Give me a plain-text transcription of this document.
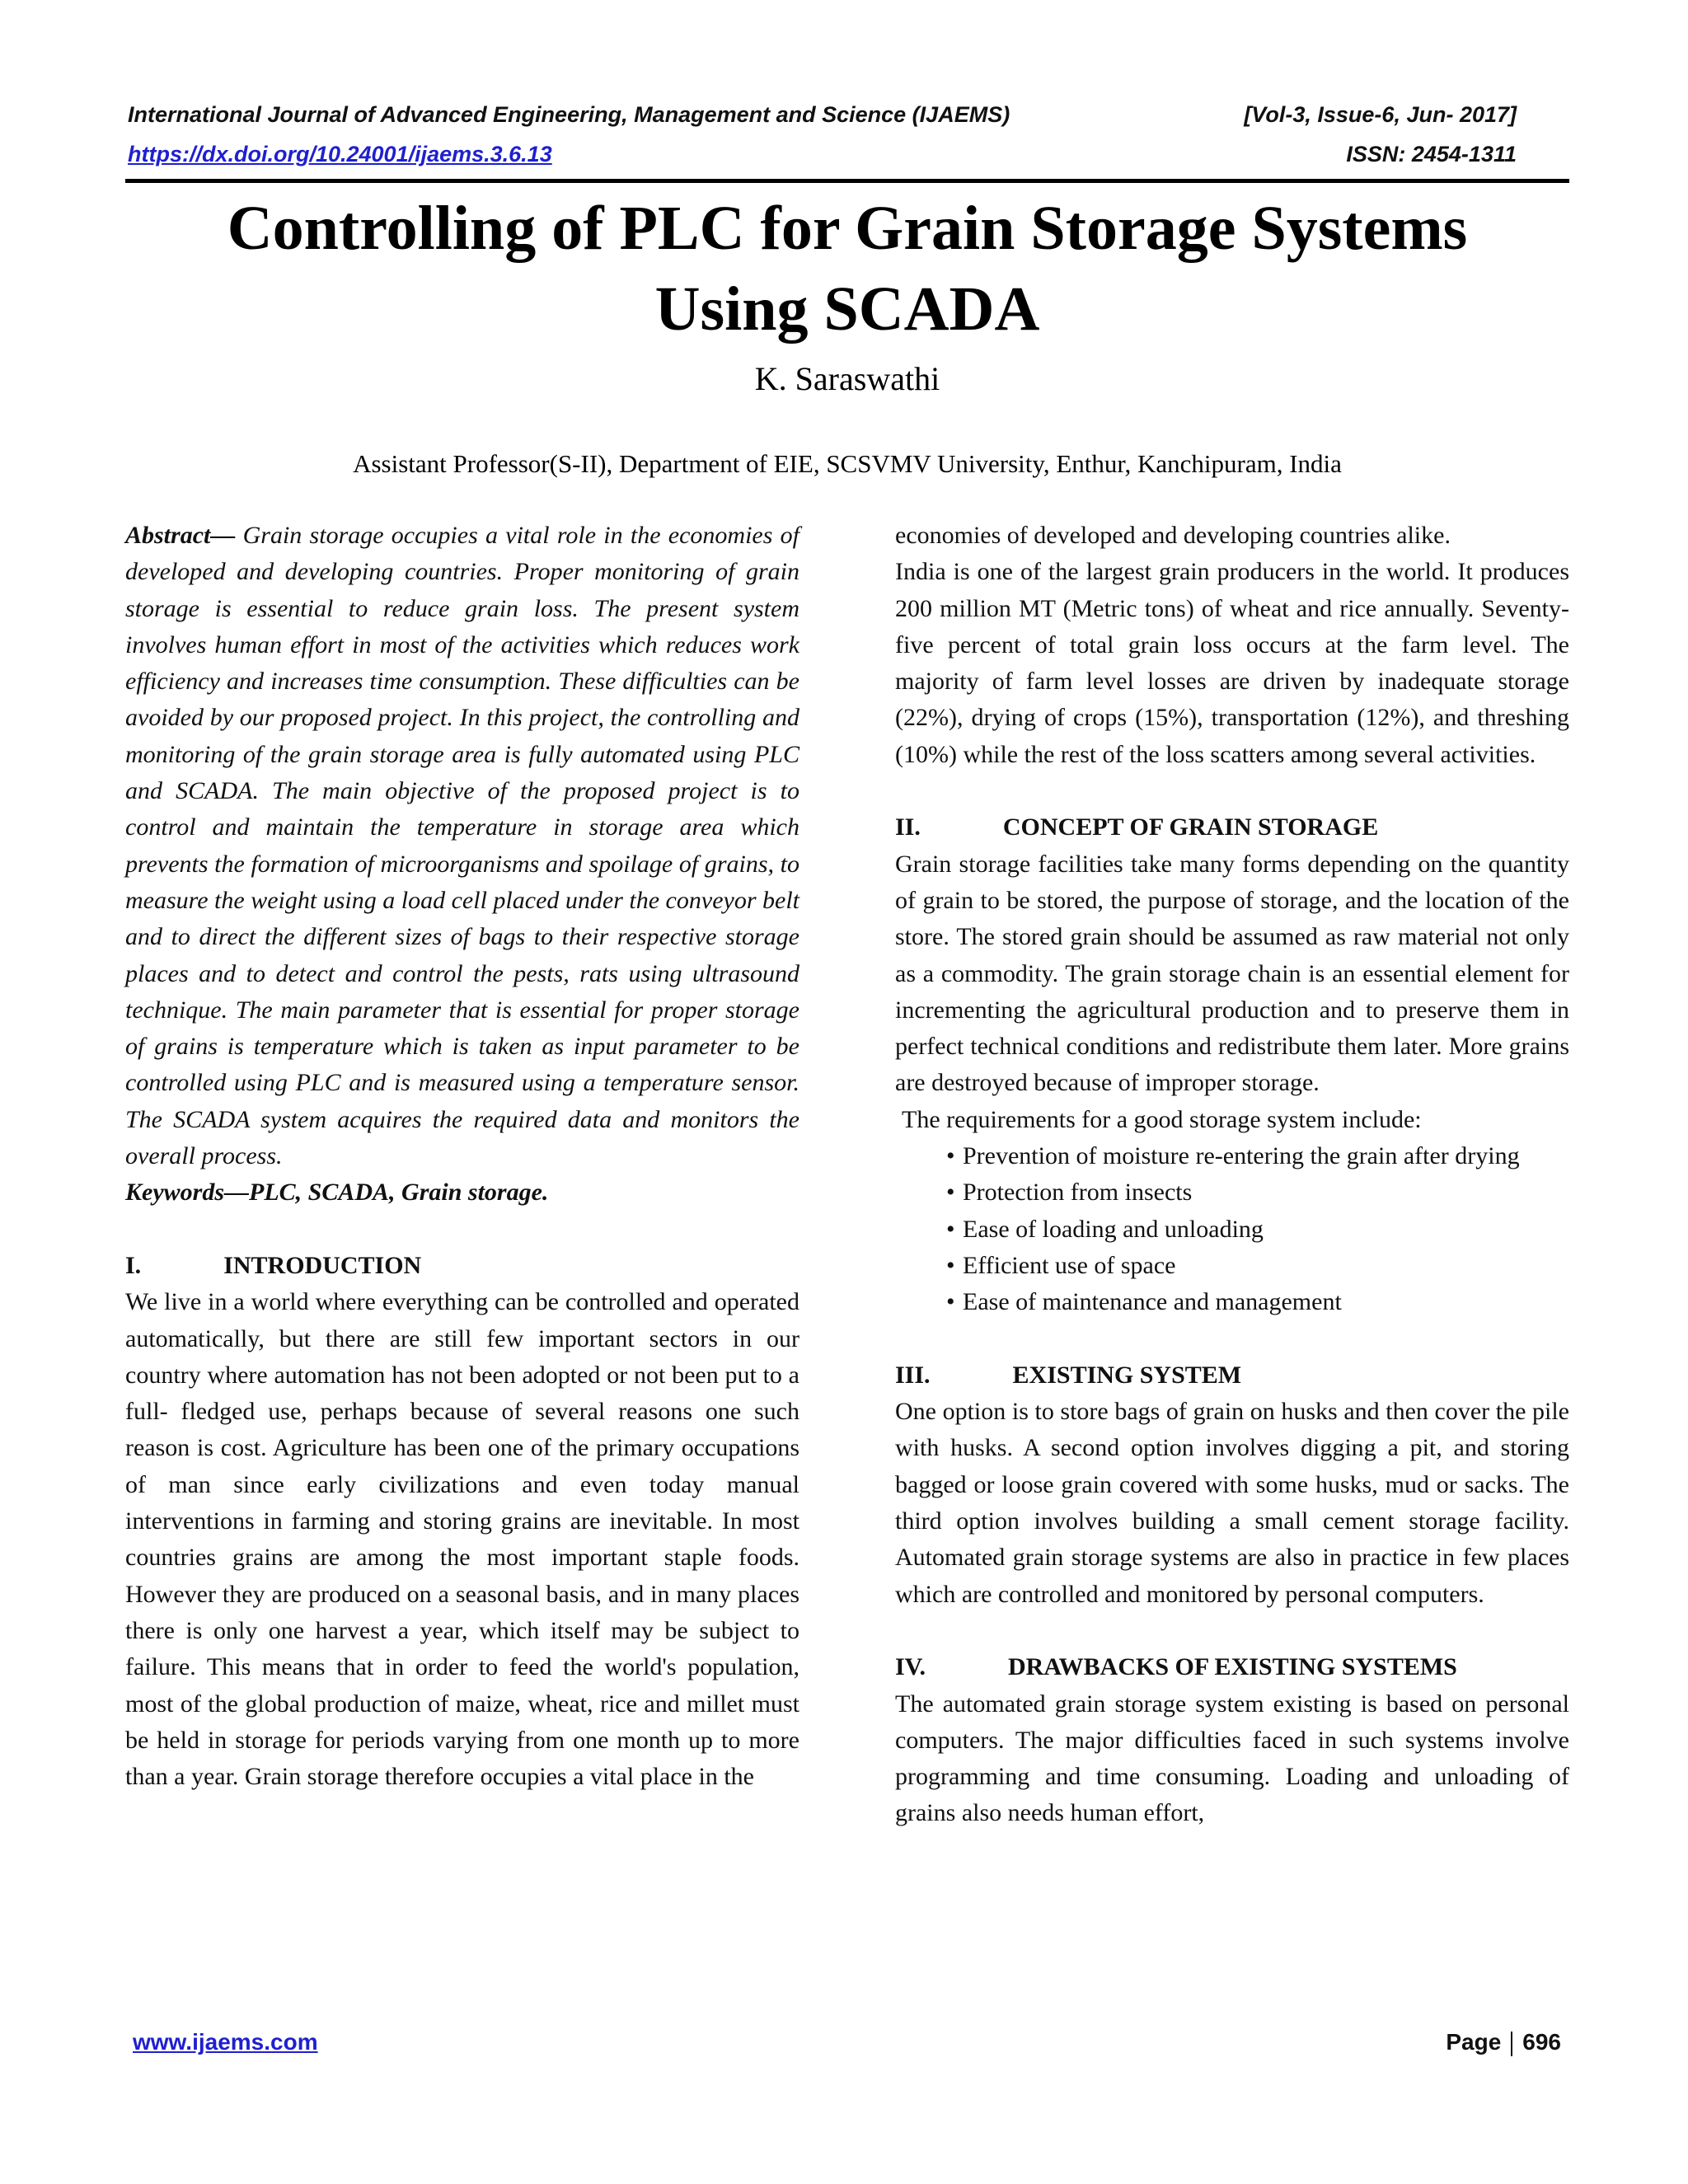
International Journal of Advanced Engineering, Management and Science (IJAEMS)	[Vol-3, Issue-6, Jun- 2017]
https://dx.doi.org/10.24001/ijaems.3.6.13	ISSN: 2454-1311
Controlling of PLC for Grain Storage Systems
Using SCADA
K. Saraswathi
Assistant Professor(S-II), Department of EIE, SCSVMV University, Enthur, Kanchipuram, India

Abstract— Grain storage occupies a vital role in the economies of developed and developing countries. Proper monitoring of grain storage is essential to reduce grain loss. The present system involves human effort in most of the activities which reduces work efficiency and increases time consumption. These difficulties can be avoided by our proposed project. In this project, the controlling and monitoring of the grain storage area is fully automated using PLC and SCADA. The main objective of the proposed project is to control and maintain the temperature in storage area which prevents the formation of microorganisms and spoilage of grains, to measure the weight using a load cell placed under the conveyor belt and to direct the different sizes of bags to their respective storage places and to detect and control the pests, rats using ultrasound technique. The main parameter that is essential for proper storage of grains is temperature which is taken as input parameter to be controlled using PLC and is measured using a temperature sensor. The SCADA system acquires the required data and monitors the overall process.

Keywords—PLC, SCADA, Grain storage.

I.	INTRODUCTION

We live in a world where everything can be controlled and operated automatically, but there are still few important sectors in our country where automation has not been adopted or not been put to a full- fledged use, perhaps because of several reasons one such reason is cost. Agriculture has been one of the primary occupations of man since early civilizations and even today manual interventions in farming and storing grains are inevitable. In most countries grains are among the most important staple foods. However they are produced on a seasonal basis, and in many places there is only one harvest a year, which itself may be subject to failure. This means that in order to feed the world's population, most of the global production of maize, wheat, rice and millet must be held in storage for periods varying from one month up to more than a year. Grain storage therefore occupies a vital place in the

economies of developed and developing countries alike.

India is one of the largest grain producers in the world. It produces 200 million MT (Metric tons) of wheat and rice annually. Seventy-five percent of total grain loss occurs at the farm level. The majority of farm level losses are driven by inadequate storage (22%), drying of crops (15%), transportation (12%), and threshing (10%) while the rest of the loss scatters among several activities.

II.	CONCEPT OF GRAIN STORAGE

Grain storage facilities take many forms depending on the quantity of grain to be stored, the purpose of storage, and the location of the store. The stored grain should be assumed as raw material not only as a commodity. The grain storage chain is an essential element for incrementing the agricultural production and to preserve them in perfect technical conditions and redistribute them later. More grains are destroyed because of improper storage.

The requirements for a good storage system include:

• Prevention of moisture re-entering the grain after drying
• Protection from insects
• Ease of loading and unloading
• Efficient use of space
• Ease of maintenance and management

III.	EXISTING SYSTEM

One option is to store bags of grain on husks and then cover the pile with husks. A second option involves digging a pit, and storing bagged or loose grain covered with some husks, mud or sacks. The third option involves building a small cement storage facility. Automated grain storage systems are also in practice in few places which are controlled and monitored by personal computers.

IV.	DRAWBACKS OF EXISTING SYSTEMS

The automated grain storage system existing is based on personal computers. The major difficulties faced in such systems involve programming and time consuming. Loading and unloading of grains also needs human effort,

www.ijaems.com	Page 696
